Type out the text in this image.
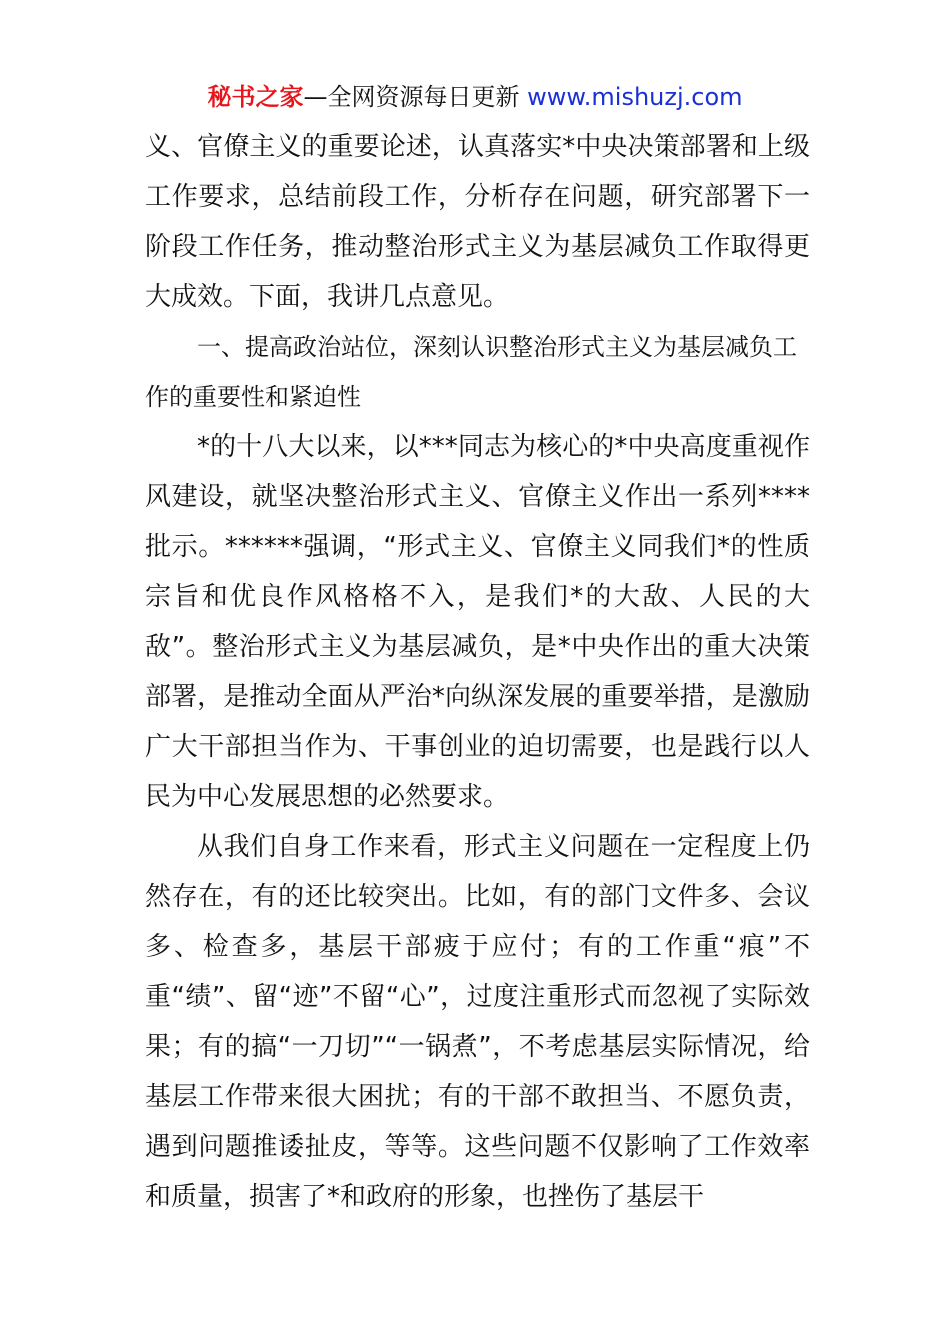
秘书之家—全网资源每日更新 www.mishuzj.com

义、官僚主义的重要论述，认真落实*中央决策部署和上级工作要求，总结前段工作，分析存在问题，研究部署下一阶段工作任务，推动整治形式主义为基层减负工作取得更大成效。下面，我讲几点意见。

一、提高政治站位，深刻认识整治形式主义为基层减负工作的重要性和紧迫性

*的十八大以来，以***同志为核心的*中央高度重视作风建设，就坚决整治形式主义、官僚主义作出一系列****批示。******强调，“形式主义、官僚主义同我们*的性质宗旨和优良作风格格不入，是我们*的大敌、人民的大敌”。整治形式主义为基层减负，是*中央作出的重大决策部署，是推动全面从严治*向纵深发展的重要举措，是激励广大干部担当作为、干事创业的迫切需要，也是践行以人民为中心发展思想的必然要求。

从我们自身工作来看，形式主义问题在一定程度上仍然存在，有的还比较突出。比如，有的部门文件多、会议多、检查多，基层干部疲于应付；有的工作重“痕”不重“绩”、留“迹”不留“心”，过度注重形式而忽视了实际效果；有的搞“一刀切”“一锅煮”，不考虑基层实际情况，给基层工作带来很大困扰；有的干部不敢担当、不愿负责，遇到问题推诿扯皮，等等。这些问题不仅影响了工作效率和质量，损害了*和政府的形象，也挫伤了基层干
